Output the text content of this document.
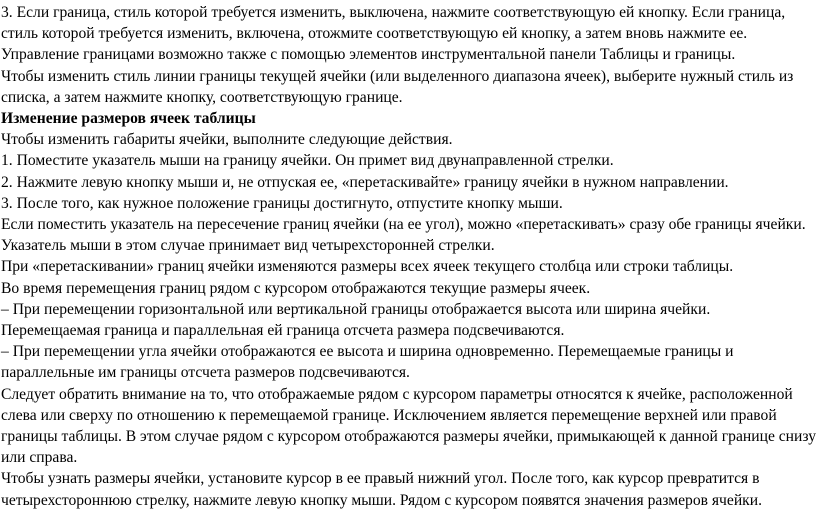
3. Если граница, стиль которой требуется изменить, выключена, нажмите соответствующую ей кнопку. Если граница, стиль которой требуется изменить, включена, отожмите соответствующую ей кнопку, а затем вновь нажмите ее.

Управление границами возможно также с помощью элементов инструментальной панели Таблицы и границы.

Чтобы изменить стиль линии границы текущей ячейки (или выделенного диапазона ячеек), выберите нужный стиль из списка, а затем нажмите кнопку, соответствующую границе.

Изменение размеров ячеек таблицы

Чтобы изменить габариты ячейки, выполните следующие действия.

1. Поместите указатель мыши на границу ячейки. Он примет вид двунаправленной стрелки.

2. Нажмите левую кнопку мыши и, не отпуская ее, «перетаскивайте» границу ячейки в нужном направлении.

3. После того, как нужное положение границы достигнуто, отпустите кнопку мыши.

Если поместить указатель на пересечение границ ячейки (на ее угол), можно «перетаскивать» сразу обе границы ячейки.

Указатель мыши в этом случае принимает вид четырехсторонней стрелки.

При «перетаскивании» границ ячейки изменяются размеры всех ячеек текущего столбца или строки таблицы.

Во время перемещения границ рядом с курсором отображаются текущие размеры ячеек.

– При перемещении горизонтальной или вертикальной границы отображается высота или ширина ячейки.

Перемещаемая граница и параллельная ей граница отсчета размера подсвечиваются.

– При перемещении угла ячейки отображаются ее высота и ширина одновременно. Перемещаемые границы и параллельные им границы отсчета размеров подсвечиваются.

Следует обратить внимание на то, что отображаемые рядом с курсором параметры относятся к ячейке, расположенной слева или сверху по отношению к перемещаемой границе. Исключением является перемещение верхней или правой границы таблицы. В этом случае рядом с курсором отображаются размеры ячейки, примыкающей к данной границе снизу или справа.

Чтобы узнать размеры ячейки, установите курсор в ее правый нижний угол. После того, как курсор превратится в четырехстороннюю стрелку, нажмите левую кнопку мыши. Рядом с курсором появятся значения размеров ячейки.
